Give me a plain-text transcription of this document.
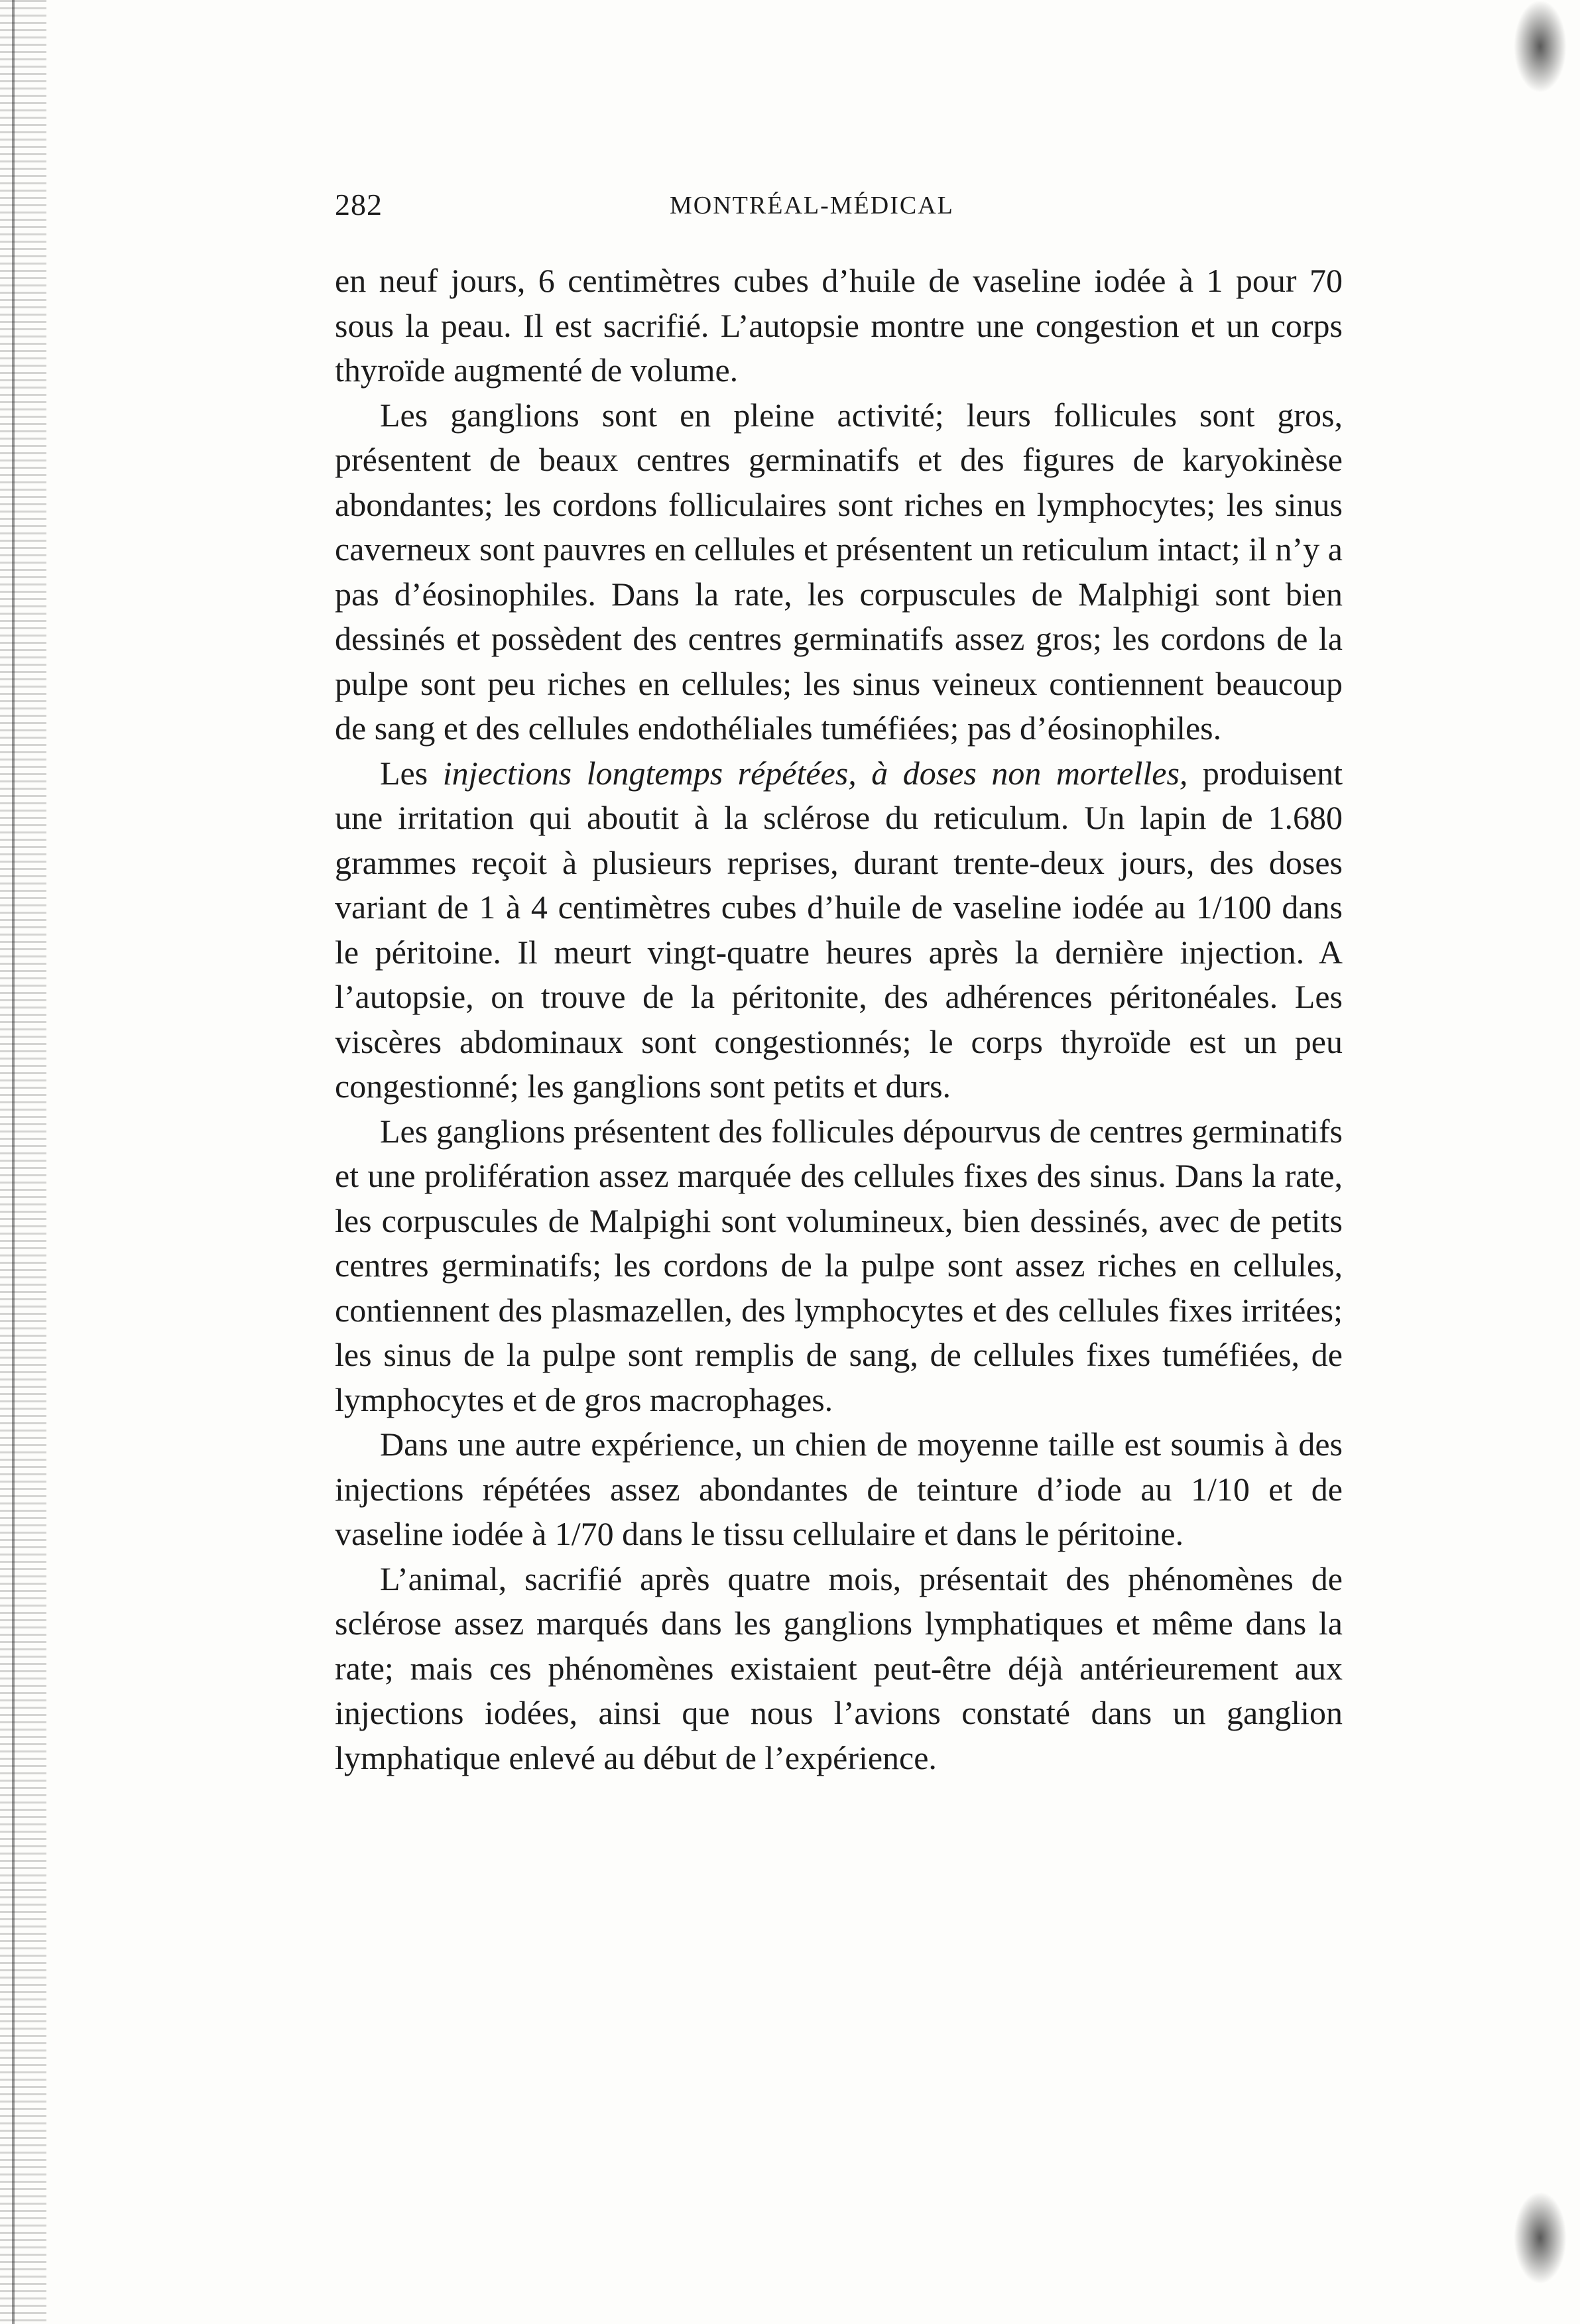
282	MONTRÉAL-MÉDICAL

en neuf jours, 6 centimètres cubes d’huile de vaseline iodée à 1 pour 70 sous la peau. Il est sacrifié. L’autopsie montre une congestion et un corps thyroïde augmenté de volume.

Les ganglions sont en pleine activité; leurs follicules sont gros, présentent de beaux centres germinatifs et des figures de karyokinèse abondantes; les cordons folliculaires sont riches en lymphocytes; les sinus caverneux sont pauvres en cellules et présentent un reticulum intact; il n’y a pas d’éosinophiles. Dans la rate, les corpuscules de Malphigi sont bien dessinés et possèdent des centres germinatifs assez gros; les cordons de la pulpe sont peu riches en cellules; les sinus veineux contiennent beaucoup de sang et des cellules endothéliales tuméfiées; pas d’éosinophiles.

Les injections longtemps répétées, à doses non mortelles, produisent une irritation qui aboutit à la sclérose du reticulum. Un lapin de 1.680 grammes reçoit à plusieurs reprises, durant trente-deux jours, des doses variant de 1 à 4 centimètres cubes d’huile de vaseline iodée au 1/100 dans le péritoine. Il meurt vingt-quatre heures après la dernière injection. A l’autopsie, on trouve de la péritonite, des adhérences péritonéales. Les viscères abdominaux sont congestionnés; le corps thyroïde est un peu congestionné; les ganglions sont petits et durs.

Les ganglions présentent des follicules dépourvus de centres germinatifs et une prolifération assez marquée des cellules fixes des sinus. Dans la rate, les corpuscules de Malpighi sont volumineux, bien dessinés, avec de petits centres germinatifs; les cordons de la pulpe sont assez riches en cellules, contiennent des plasmazellen, des lymphocytes et des cellules fixes irritées; les sinus de la pulpe sont remplis de sang, de cellules fixes tuméfiées, de lymphocytes et de gros macrophages.

Dans une autre expérience, un chien de moyenne taille est soumis à des injections répétées assez abondantes de teinture d’iode au 1/10 et de vaseline iodée à 1/70 dans le tissu cellulaire et dans le péritoine.

L’animal, sacrifié après quatre mois, présentait des phénomènes de sclérose assez marqués dans les ganglions lymphatiques et même dans la rate; mais ces phénomènes existaient peut-être déjà antérieurement aux injections iodées, ainsi que nous l’avions constaté dans un ganglion lymphatique enlevé au début de l’expérience.
